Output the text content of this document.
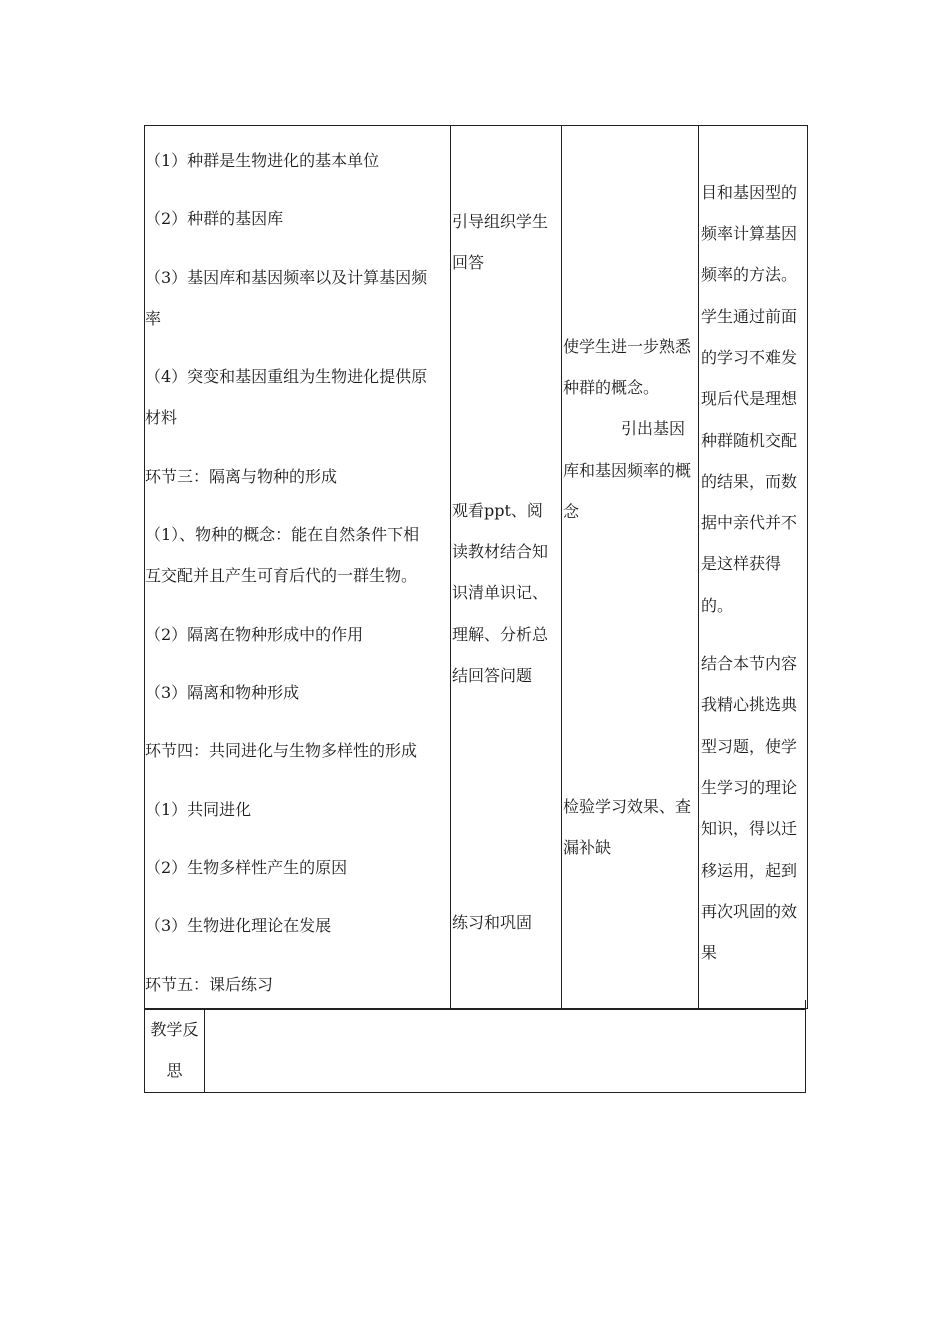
（1）种群是生物进化的基本单位
（2）种群的基因库
（3）基因库和基因频率以及计算基因频
率
（4）突变和基因重组为生物进化提供原
材料
环节三：隔离与物种的形成
（1）、物种的概念：能在自然条件下相
互交配并且产生可育后代的一群生物。
（2）隔离在物种形成中的作用
（3）隔离和物种形成
环节四：共同进化与生物多样性的形成
（1）共同进化
（2）生物多样性产生的原因
（3）生物进化理论在发展
环节五：课后练习
引导组织学生
回答
观看ppt、阅
读教材结合知
识清单识记、
理解、分析总
结回答问题
练习和巩固
使学生进一步熟悉
种群的概念。
引出基因
库和基因频率的概
念
检验学习效果、查
漏补缺
目和基因型的
频率计算基因
频率的方法。
学生通过前面
的学习不难发
现后代是理想
种群随机交配
的结果，而数
据中亲代并不
是这样获得
的。
结合本节内容
我精心挑选典
型习题，使学
生学习的理论
知识，得以迁
移运用，起到
再次巩固的效
果
教学反
思
